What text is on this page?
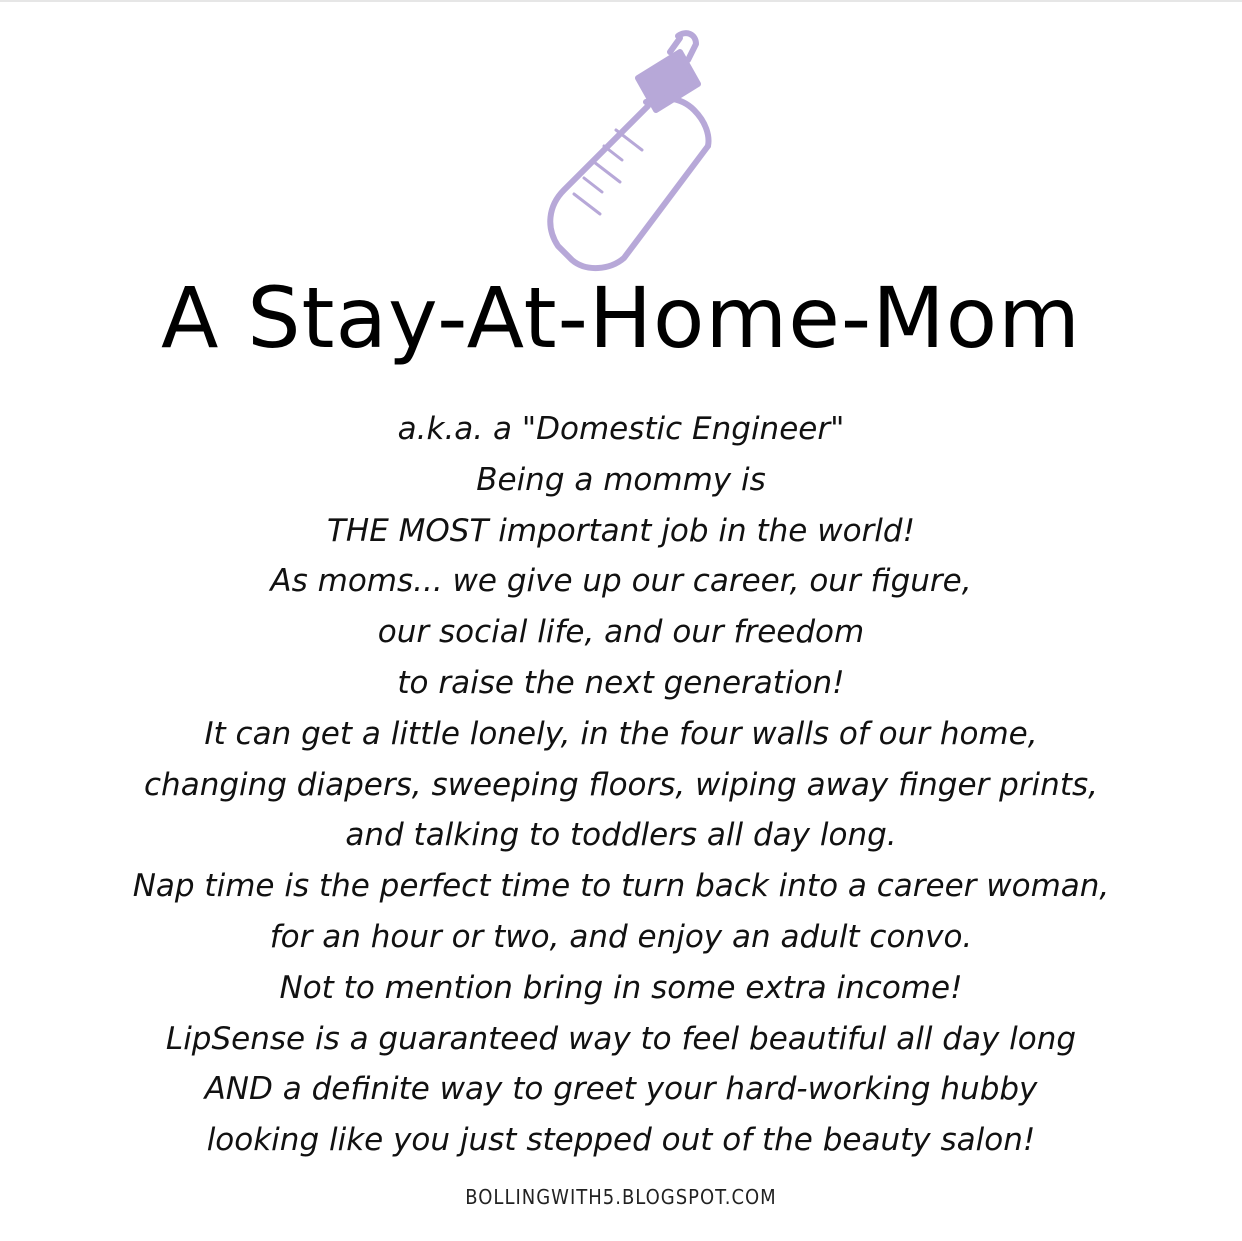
A Stay-At-Home-Mom
a.k.a. a "Domestic Engineer"
Being a mommy is
THE MOST important job in the world!
As moms... we give up our career, our figure,
our social life, and our freedom
to raise the next generation!
It can get a little lonely, in the four walls of our home,
changing diapers, sweeping floors, wiping away finger prints,
and talking to toddlers all day long.
Nap time is the perfect time to turn back into a career woman,
for an hour or two, and enjoy an adult convo.
Not to mention bring in some extra income!
LipSense is a guaranteed way to feel beautiful all day long
AND a definite way to greet your hard-working hubby
looking like you just stepped out of the beauty salon!
BOLLINGWITH5.BLOGSPOT.COM
